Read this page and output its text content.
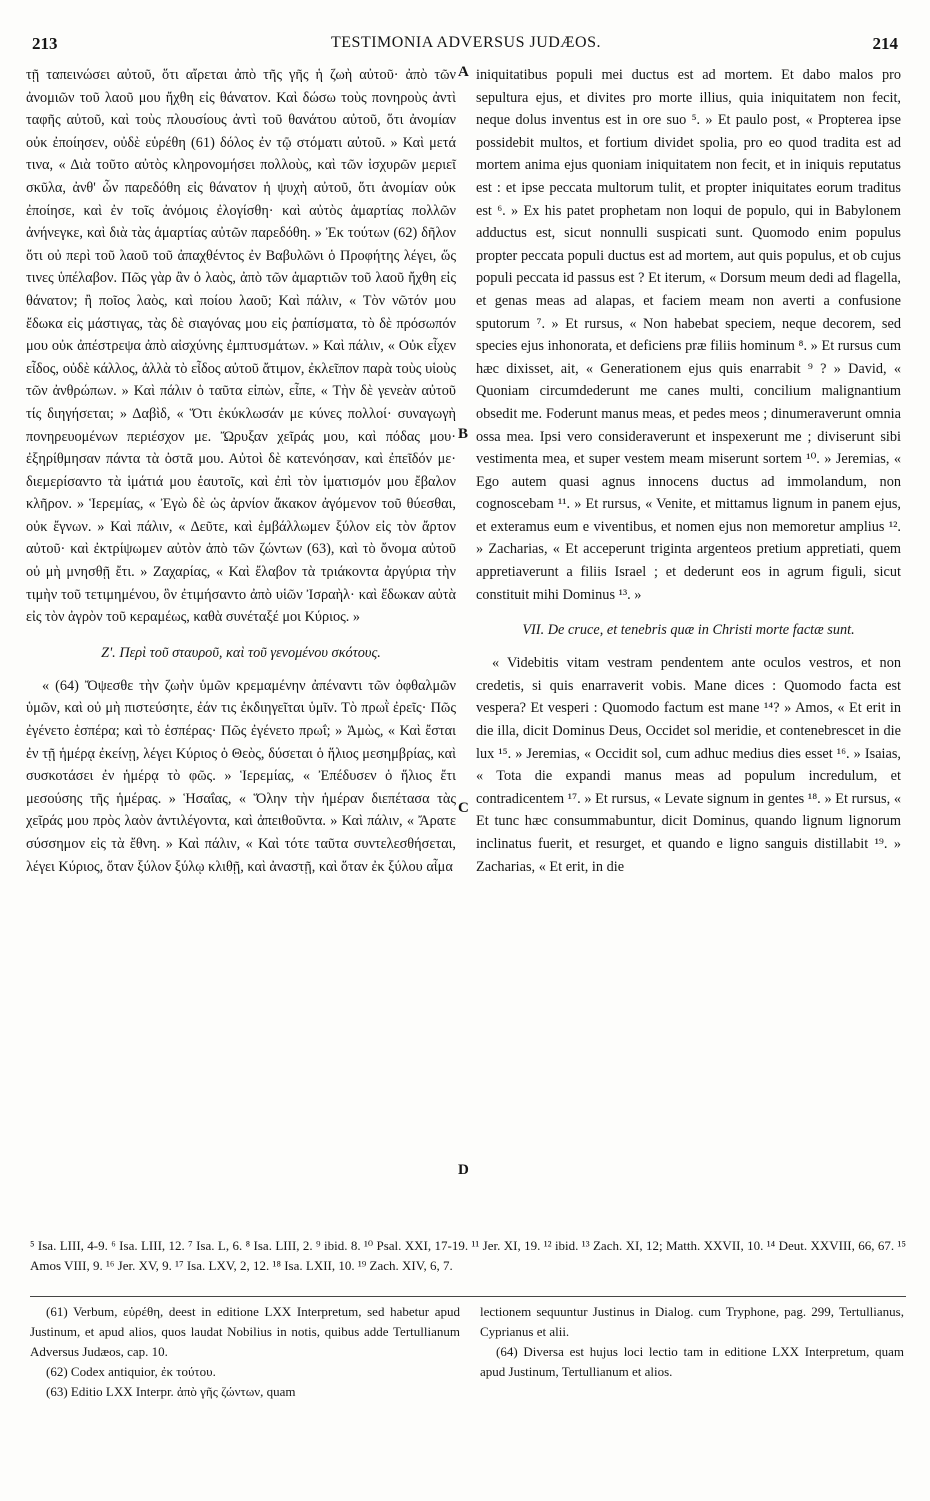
213	TESTIMONIA ADVERSUS JUDÆOS.	214

τῇ ταπεινώσει αὐτοῦ, ὅτι αἴρεται ἀπὸ τῆς γῆς ἡ ζωὴ αὐτοῦ· ἀπὸ τῶν ἀνομιῶν τοῦ λαοῦ μου ἤχθη εἰς θάνατον. Καὶ δώσω τοὺς πονηροὺς ἀντὶ ταφῆς αὐτοῦ, καὶ τοὺς πλουσίους ἀντὶ τοῦ θανάτου αὐτοῦ, ὅτι ἀνομίαν οὐκ ἐποίησεν, οὐδὲ εὑρέθη (61) δόλος ἐν τῷ στόματι αὐτοῦ. » Καὶ μετά τινα, « Διὰ τοῦτο αὐτὸς κληρονομήσει πολλοὺς, καὶ τῶν ἰσχυρῶν μεριεῖ σκῦλα, ἀνθ' ὧν παρεδόθη εἰς θάνατον ἡ ψυχὴ αὐτοῦ, ὅτι ἀνομίαν οὐκ ἐποίησε, καὶ ἐν τοῖς ἀνόμοις ἐλογίσθη· καὶ αὐτὸς ἁμαρτίας πολλῶν ἀνήνεγκε, καὶ διὰ τὰς ἁμαρτίας αὐτῶν παρεδόθη. » Ἐκ τούτων (62) δῆλον ὅτι οὐ περὶ τοῦ λαοῦ τοῦ ἀπαχθέντος ἐν Βαβυλῶνι ὁ Προφήτης λέγει, ὥς τινες ὑπέλαβον. Πῶς γὰρ ἂν ὁ λαὸς, ἀπὸ τῶν ἁμαρτιῶν τοῦ λαοῦ ἤχθη εἰς θάνατον; ἢ ποῖος λαὸς, καὶ ποίου λαοῦ; Καὶ πάλιν, « Τὸν νῶτόν μου ἔδωκα εἰς μάστιγας, τὰς δὲ σιαγόνας μου εἰς ῥαπίσματα, τὸ δὲ πρόσωπόν μου οὐκ ἀπέστρεψα ἀπὸ αἰσχύνης ἐμπτυσμάτων. » Καὶ πάλιν, « Οὐκ εἶχεν εἶδος, οὐδὲ κάλλος, ἀλλὰ τὸ εἶδος αὐτοῦ ἄτιμον, ἐκλεῖπον παρὰ τοὺς υἱοὺς τῶν ἀνθρώπων. » Καὶ πάλιν ὁ ταῦτα εἰπὼν, εἶπε, « Τὴν δὲ γενεὰν αὐτοῦ τίς διηγήσεται; » Δαβὶδ, « Ὅτι ἐκύκλωσάν με κύνες πολλοί· συναγωγὴ πονηρευομένων περιέσχον με. Ὤρυξαν χεῖράς μου, καὶ πόδας μου· ἐξηρίθμησαν πάντα τὰ ὀστᾶ μου. Αὐτοὶ δὲ κατενόησαν, καὶ ἐπεῖδόν με· διεμερίσαντο τὰ ἱμάτιά μου ἑαυτοῖς, καὶ ἐπὶ τὸν ἱματισμόν μου ἔβαλον κλῆρον. » Ἱερεμίας, « Ἐγὼ δὲ ὡς ἀρνίον ἄκακον ἀγόμενον τοῦ θύεσθαι, οὐκ ἔγνων. » Καὶ πάλιν, « Δεῦτε, καὶ ἐμβάλλωμεν ξύλον εἰς τὸν ἄρτον αὐτοῦ· καὶ ἐκτρίψωμεν αὐτὸν ἀπὸ τῶν ζώντων (63), καὶ τὸ ὄνομα αὐτοῦ οὐ μὴ μνησθῇ ἔτι. » Ζαχαρίας, « Καὶ ἔλαβον τὰ τριάκοντα ἀργύρια τὴν τιμὴν τοῦ τετιμημένου, ὃν ἐτιμήσαντο ἀπὸ υἱῶν Ἰσραὴλ· καὶ ἔδωκαν αὐτὰ εἰς τὸν ἀγρὸν τοῦ κεραμέως, καθὰ συνέταξέ μοι Κύριος. »

Ζ'. Περὶ τοῦ σταυροῦ, καὶ τοῦ γενομένου σκότους.

« (64) Ὄψεσθε τὴν ζωὴν ὑμῶν κρεμαμένην ἀπέναντι τῶν ὀφθαλμῶν ὑμῶν, καὶ οὐ μὴ πιστεύσητε, ἐάν τις ἐκδιηγεῖται ὑμῖν. Τὸ πρωῒ ἐρεῖς· Πῶς ἐγένετο ἑσπέρα; καὶ τὸ ἑσπέρας· Πῶς ἐγένετο πρωΐ; » Ἀμὼς, « Καὶ ἔσται ἐν τῇ ἡμέρᾳ ἐκείνῃ, λέγει Κύριος ὁ Θεὸς, δύσεται ὁ ἥλιος μεσημβρίας, καὶ συσκοτάσει ἐν ἡμέρᾳ τὸ φῶς. » Ἱερεμίας, « Ἐπέδυσεν ὁ ἥλιος ἔτι μεσούσης τῆς ἡμέρας. » Ἡσαΐας, « Ὅλην τὴν ἡμέραν διεπέτασα τὰς χεῖράς μου πρὸς λαὸν ἀντιλέγοντα, καὶ ἀπειθοῦντα. » Καὶ πάλιν, « Ἄρατε σύσσημον εἰς τὰ ἔθνη. » Καὶ πάλιν, « Καὶ τότε ταῦτα συντελεσθήσεται, λέγει Κύριος, ὅταν ξύλον ξύλῳ κλιθῇ, καὶ ἀναστῇ, καὶ ὅταν ἐκ ξύλου αἷμα

A
B
C
D

iniquitatibus populi mei ductus est ad mortem. Et dabo malos pro sepultura ejus, et divites pro morte illius, quia iniquitatem non fecit, neque dolus inventus est in ore suo ⁵. » Et paulo post, « Propterea ipse possidebit multos, et fortium dividet spolia, pro eo quod tradita est ad mortem anima ejus quoniam iniquitatem non fecit, et in iniquis reputatus est : et ipse peccata multorum tulit, et propter iniquitates eorum traditus est ⁶. » Ex his patet prophetam non loqui de populo, qui in Babylonem adductus est, sicut nonnulli suspicati sunt. Quomodo enim populus propter peccata populi ductus est ad mortem, aut quis populus, et ob cujus populi peccata id passus est ? Et iterum, « Dorsum meum dedi ad flagella, et genas meas ad alapas, et faciem meam non averti a confusione sputorum ⁷. » Et rursus, « Non habebat speciem, neque decorem, sed species ejus inhonorata, et deficiens præ filiis hominum ⁸. » Et rursus cum hæc dixisset, ait, « Generationem ejus quis enarrabit ⁹ ? » David, « Quoniam circumdederunt me canes multi, concilium malignantium obsedit me. Foderunt manus meas, et pedes meos ; dinumeraverunt omnia ossa mea. Ipsi vero consideraverunt et inspexerunt me ; diviserunt sibi vestimenta mea, et super vestem meam miserunt sortem ¹⁰. » Jeremias, « Ego autem quasi agnus innocens ductus ad immolandum, non cognoscebam ¹¹. » Et rursus, « Venite, et mittamus lignum in panem ejus, et exteramus eum e viventibus, et nomen ejus non memoretur amplius ¹². » Zacharias, « Et acceperunt triginta argenteos pretium appretiati, quem appretiaverunt a filiis Israel ; et dederunt eos in agrum figuli, sicut constituit mihi Dominus ¹³. »

VII. De cruce, et tenebris quæ in Christi morte factæ sunt.

« Videbitis vitam vestram pendentem ante oculos vestros, et non credetis, si quis enarraverit vobis. Mane dices : Quomodo facta est vespera? Et vesperi : Quomodo factum est mane ¹⁴? » Amos, « Et erit in die illa, dicit Dominus Deus, Occidet sol meridie, et contenebrescet in die lux ¹⁵. » Jeremias, « Occidit sol, cum adhuc medius dies esset ¹⁶. » Isaias, « Tota die expandi manus meas ad populum incredulum, et contradicentem ¹⁷. » Et rursus, « Levate signum in gentes ¹⁸. » Et rursus, « Et tunc hæc consummabuntur, dicit Dominus, quando lignum lignorum inclinatus fuerit, et resurget, et quando e ligno sanguis distillabit ¹⁹. » Zacharias, « Et erit, in die

⁵ Isa. LIII, 4-9. ⁶ Isa. LIII, 12. ⁷ Isa. L, 6. ⁸ Isa. LIII, 2. ⁹ ibid. 8. ¹⁰ Psal. XXI, 17-19. ¹¹ Jer. XI, 19. ¹² ibid. ¹³ Zach. XI, 12; Matth. XXVII, 10. ¹⁴ Deut. XXVIII, 66, 67. ¹⁵ Amos VIII, 9. ¹⁶ Jer. XV, 9. ¹⁷ Isa. LXV, 2, 12. ¹⁸ Isa. LXII, 10. ¹⁹ Zach. XIV, 6, 7.

(61) Verbum, εὑρέθη, deest in editione LXX Interpretum, sed habetur apud Justinum, et apud alios, quos laudat Nobilius in notis, quibus adde Tertullianum Adversus Judæos, cap. 10.

(62) Codex antiquior, ἐκ τούτου.

(63) Editio LXX Interpr. ἀπὸ γῆς ζώντων, quam

lectionem sequuntur Justinus in Dialog. cum Tryphone, pag. 299, Tertullianus, Cyprianus et alii.

(64) Diversa est hujus loci lectio tam in editione LXX Interpretum, quam apud Justinum, Tertullianum et alios.
